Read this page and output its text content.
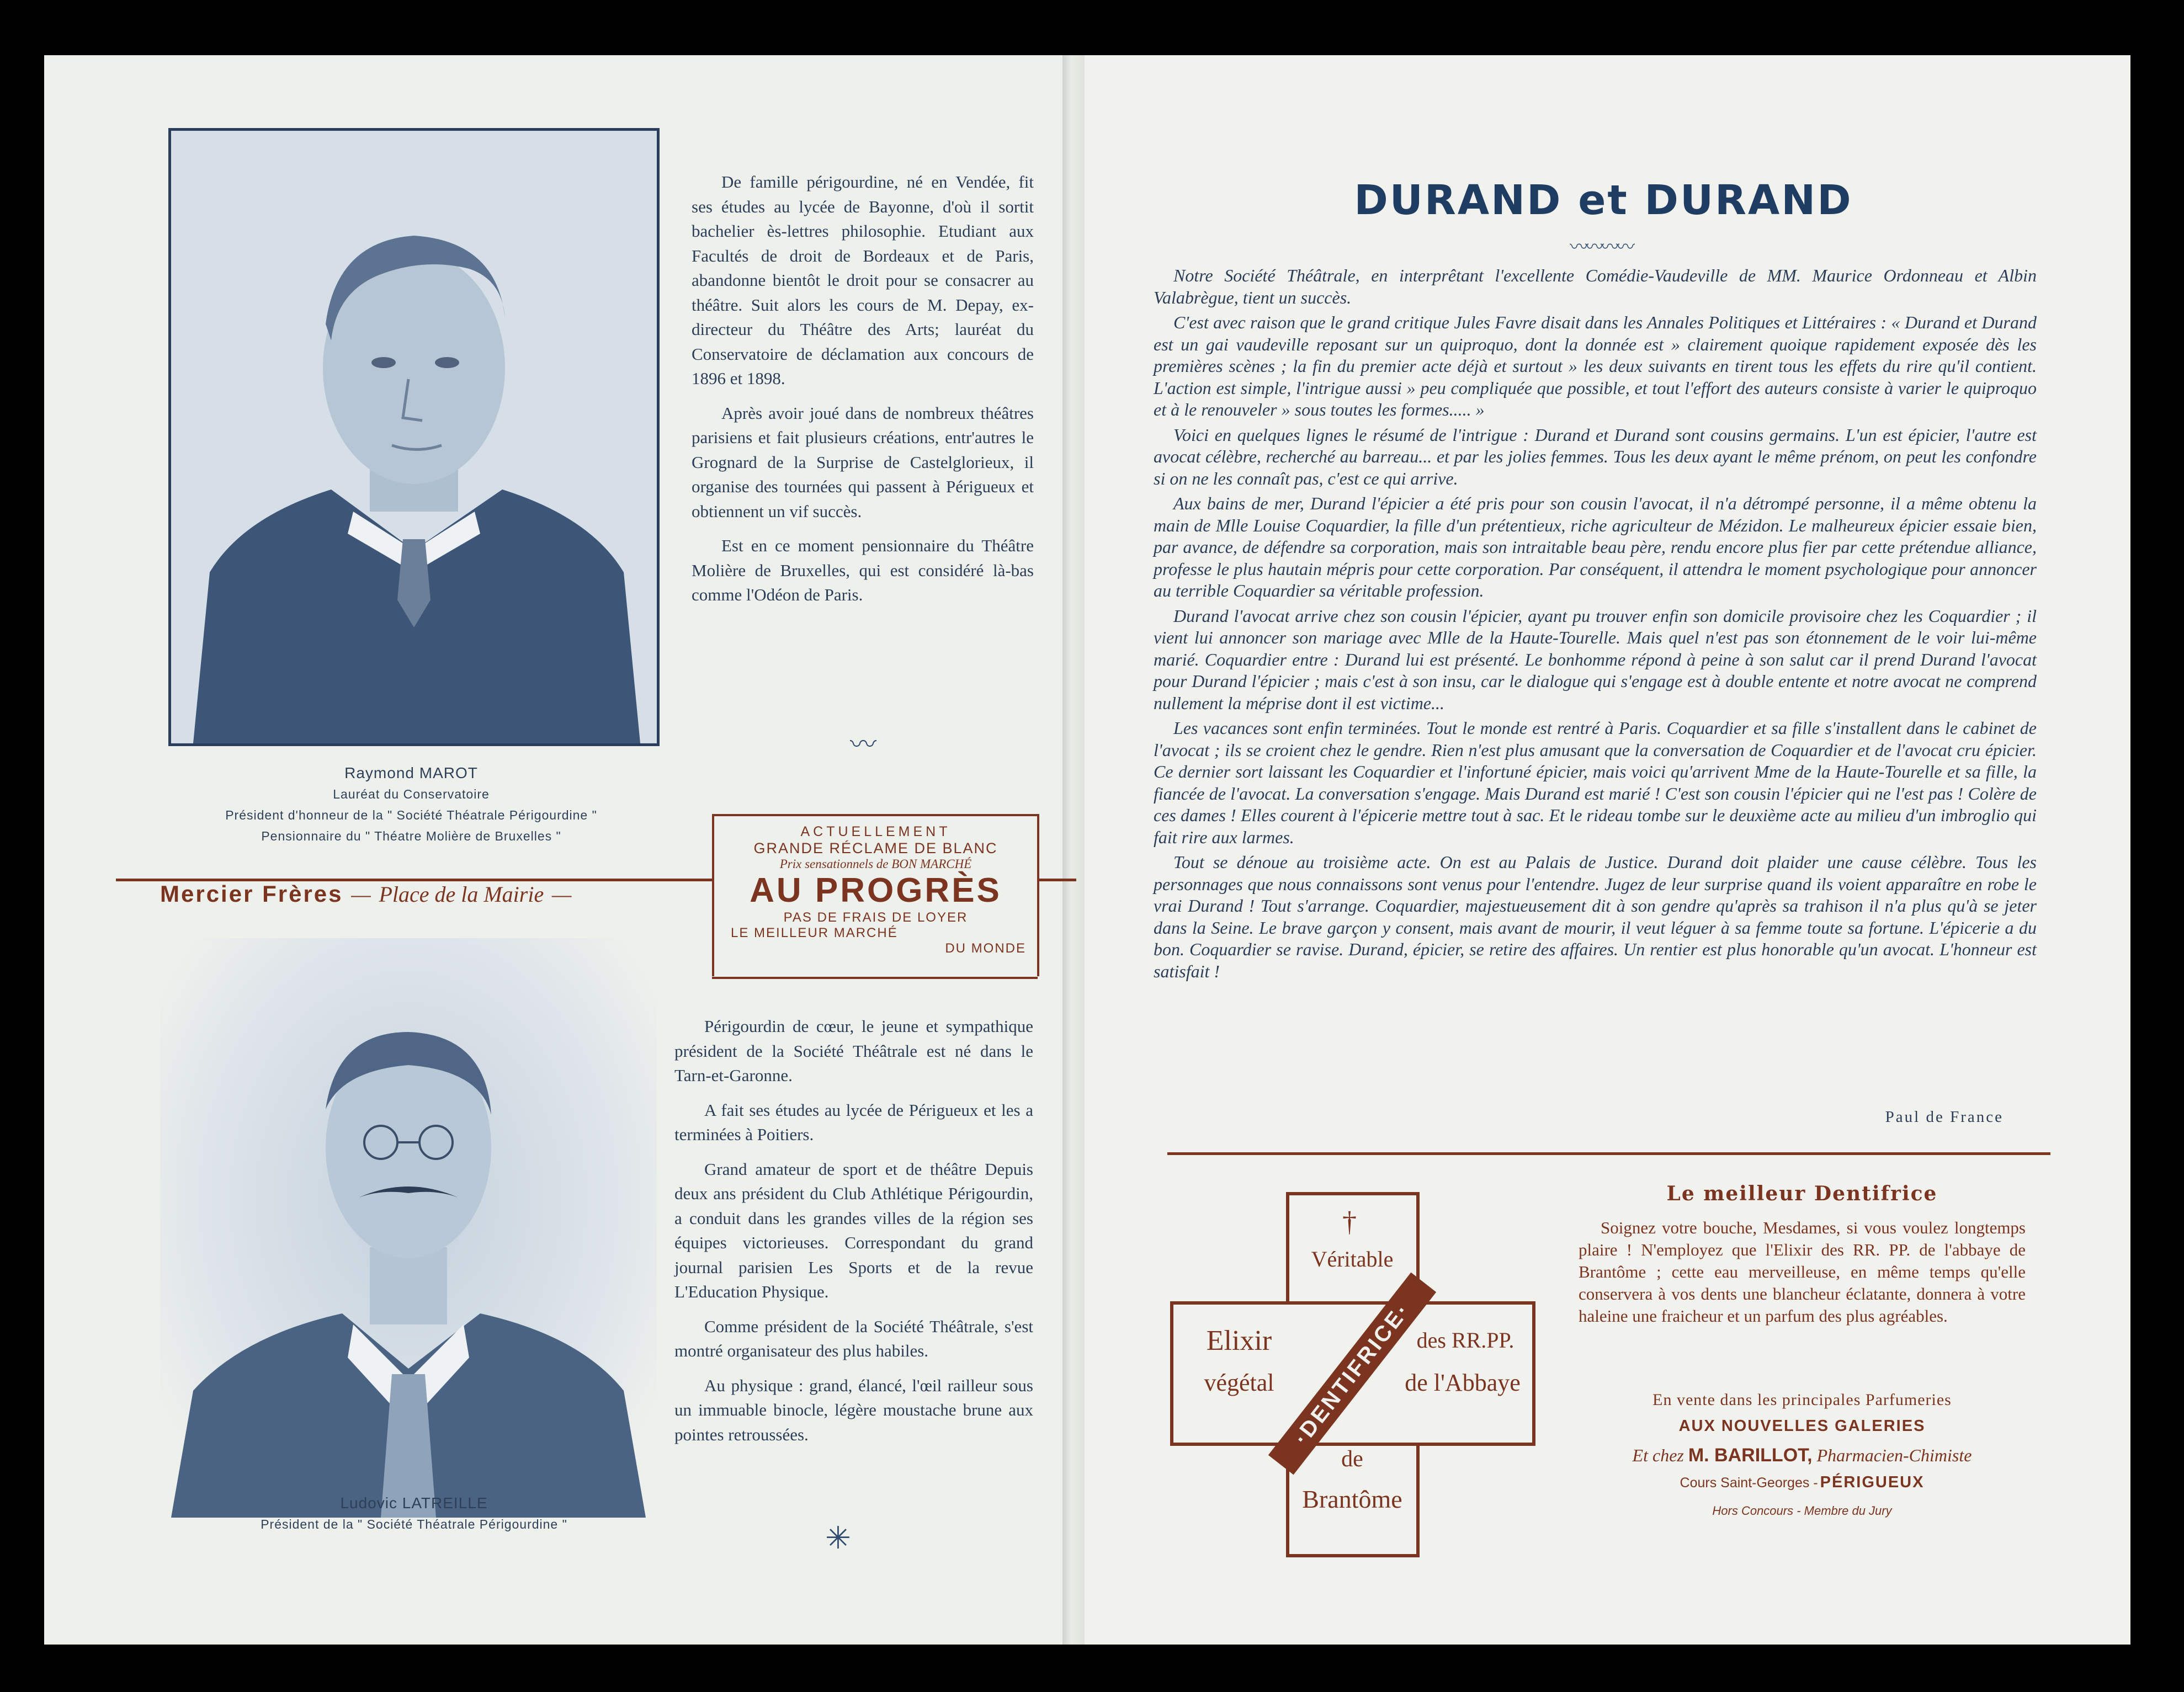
De famille périgourdine, né en Vendée, fit ses études au lycée de Bayonne, d'où il sortit bachelier ès-lettres philosophie. Etudiant aux Facultés de droit de Bordeaux et de Paris, abandonne bientôt le droit pour se consacrer au théâtre. Suit alors les cours de M. Depay, ex-directeur du Théâtre des Arts; lauréat du Conservatoire de déclamation aux concours de 1896 et 1898.

Après avoir joué dans de nombreux théâtres parisiens et fait plusieurs créations, entr'autres le Grognard de la Surprise de Castelglorieux, il organise des tournées qui passent à Périgueux et obtiennent un vif succès.

Est en ce moment pensionnaire du Théâtre Molière de Bruxelles, qui est considéré là-bas comme l'Odéon de Paris.

〰
Raymond MAROT
Lauréat du Conservatoire
Président d'honneur de la " Société Théatrale Périgourdine "
Pensionnaire du " Théatre Molière de Bruxelles "
Mercier Frères — Place de la Mairie —
ACTUELLEMENT
GRANDE RÉCLAME DE BLANC
Prix sensationnels de BON MARCHÉ
AU PROGRÈS
PAS DE FRAIS DE LOYER
LE MEILLEUR MARCHÉ
DU MONDE

Périgourdin de cœur, le jeune et sympathique président de la Société Théâtrale est né dans le Tarn-et-Garonne.

A fait ses études au lycée de Périgueux et les a terminées à Poitiers.

Grand amateur de sport et de théâtre Depuis deux ans président du Club Athlétique Périgourdin, a conduit dans les grandes villes de la région ses équipes victorieuses. Correspondant du grand journal parisien Les Sports et de la revue L'Education Physique.

Comme président de la Société Théâtrale, s'est montré organisateur des plus habiles.

Au physique : grand, élancé, l'œil railleur sous un immuable binocle, légère moustache brune aux pointes retroussées.

Ludovic LATREILLE
Président de la " Société Théatrale Périgourdine "	✳
DURAND et DURAND
〰〰〰〰

Notre Société Théâtrale, en interprêtant l'excellente Comédie-Vaudeville de MM. Maurice Ordonneau et Albin Valabrègue, tient un succès.

C'est avec raison que le grand critique Jules Favre disait dans les Annales Politiques et Littéraires : « Durand et Durand est un gai vaudeville reposant sur un quiproquo, dont la donnée est » clairement quoique rapidement exposée dès les premières scènes ; la fin du premier acte déjà et surtout » les deux suivants en tirent tous les effets du rire qu'il contient. L'action est simple, l'intrigue aussi » peu compliquée que possible, et tout l'effort des auteurs consiste à varier le quiproquo et à le renouveler » sous toutes les formes..... »

Voici en quelques lignes le résumé de l'intrigue : Durand et Durand sont cousins germains. L'un est épicier, l'autre est avocat célèbre, recherché au barreau... et par les jolies femmes. Tous les deux ayant le même prénom, on peut les confondre si on ne les connaît pas, c'est ce qui arrive.

Aux bains de mer, Durand l'épicier a été pris pour son cousin l'avocat, il n'a détrompé personne, il a même obtenu la main de Mlle Louise Coquardier, la fille d'un prétentieux, riche agriculteur de Mézidon. Le malheureux épicier essaie bien, par avance, de défendre sa corporation, mais son intraitable beau père, rendu encore plus fier par cette prétendue alliance, professe le plus hautain mépris pour cette corporation. Par conséquent, il attendra le moment psychologique pour annoncer au terrible Coquardier sa véritable profession.

Durand l'avocat arrive chez son cousin l'épicier, ayant pu trouver enfin son domicile provisoire chez les Coquardier ; il vient lui annoncer son mariage avec Mlle de la Haute-Tourelle. Mais quel n'est pas son étonnement de le voir lui-même marié. Coquardier entre : Durand lui est présenté. Le bonhomme répond à peine à son salut car il prend Durand l'avocat pour Durand l'épicier ; mais c'est à son insu, car le dialogue qui s'engage est à double entente et notre avocat ne comprend nullement la méprise dont il est victime...

Les vacances sont enfin terminées. Tout le monde est rentré à Paris. Coquardier et sa fille s'installent dans le cabinet de l'avocat ; ils se croient chez le gendre. Rien n'est plus amusant que la conversation de Coquardier et de l'avocat cru épicier. Ce dernier sort laissant les Coquardier et l'infortuné épicier, mais voici qu'arrivent Mme de la Haute-Tourelle et sa fille, la fiancée de l'avocat. La conversation s'engage. Mais Durand est marié ! C'est son cousin l'épicier qui ne l'est pas ! Colère de ces dames ! Elles courent à l'épicerie mettre tout à sac. Et le rideau tombe sur le deuxième acte au milieu d'un imbroglio qui fait rire aux larmes.

Tout se dénoue au troisième acte. On est au Palais de Justice. Durand doit plaider une cause célèbre. Tous les personnages que nous connaissons sont venus pour l'entendre. Jugez de leur surprise quand ils voient apparaître en robe le vrai Durand ! Tout s'arrange. Coquardier, majestueusement dit à son gendre qu'après sa trahison il n'a plus qu'à se jeter dans la Seine. Le brave garçon y consent, mais avant de mourir, il veut léguer à sa femme toute sa fortune. L'épicerie a du bon. Coquardier se ravise. Durand, épicier, se retire des affaires. Un rentier est plus honorable qu'un avocat. L'honneur est satisfait !

Paul de France
†
Véritable
Elixir
végétal
des RR.PP.
de l'Abbaye
de
Brantôme
·DENTIFRICE·
Le meilleur Dentifrice
Soignez votre bouche, Mesdames, si vous voulez longtemps plaire ! N'employez que l'Elixir des RR. PP. de l'abbaye de Brantôme ; cette eau merveilleuse, en même temps qu'elle conservera à vos dents une blancheur éclatante, donnera à votre haleine une fraicheur et un parfum des plus agréables.
En vente dans les principales Parfumeries
AUX NOUVELLES GALERIES
Et chez M. BARILLOT, Pharmacien-Chimiste
Cours Saint-Georges - PÉRIGUEUX
Hors Concours - Membre du Jury
